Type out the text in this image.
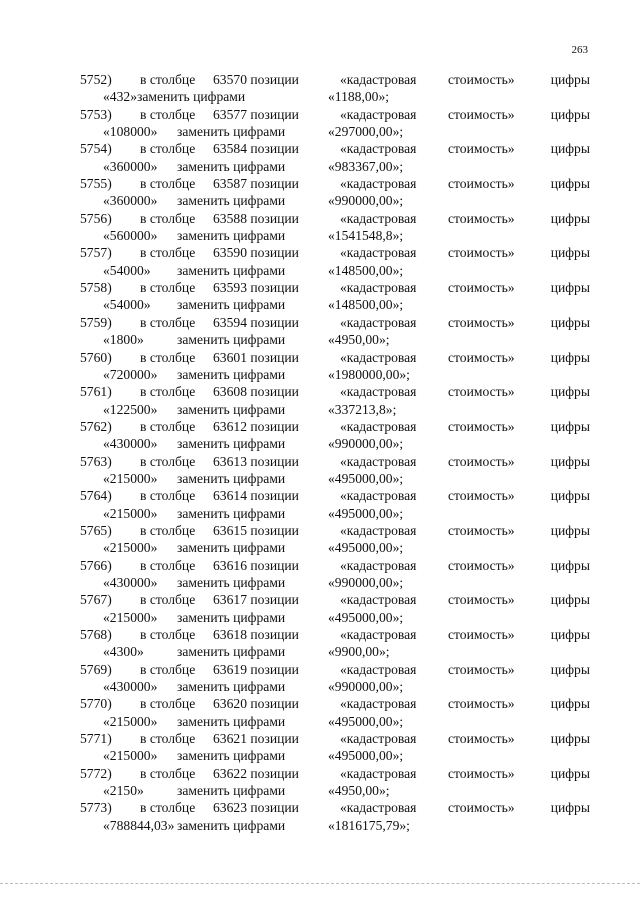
263
5752) в столбце 63570 позиции	«кадастровая стоимость»	цифры
«432»заменить цифрами	«1188,00»;
5753) в столбце 63577 позиции	«кадастровая стоимость»	цифры
«108000» заменить цифрами	«297000,00»;
5754) в столбце 63584 позиции	«кадастровая стоимость»	цифры
«360000» заменить цифрами	«983367,00»;
5755) в столбце 63587 позиции	«кадастровая стоимость»	цифры
«360000» заменить цифрами	«990000,00»;
5756) в столбце 63588 позиции	«кадастровая стоимость»	цифры
«560000» заменить цифрами	«1541548,8»;
5757) в столбце 63590 позиции	«кадастровая стоимость»	цифры
«54000» заменить цифрами	«148500,00»;
5758) в столбце 63593 позиции	«кадастровая стоимость»	цифры
«54000» заменить цифрами	«148500,00»;
5759) в столбце 63594 позиции	«кадастровая стоимость»	цифры
«1800» заменить цифрами	«4950,00»;
5760) в столбце 63601 позиции	«кадастровая стоимость»	цифры
«720000» заменить цифрами	«1980000,00»;
5761) в столбце 63608 позиции	«кадастровая стоимость»	цифры
«122500» заменить цифрами	«337213,8»;
5762) в столбце 63612 позиции	«кадастровая стоимость»	цифры
«430000» заменить цифрами	«990000,00»;
5763) в столбце 63613 позиции	«кадастровая стоимость»	цифры
«215000» заменить цифрами	«495000,00»;
5764) в столбце 63614 позиции	«кадастровая стоимость»	цифры
«215000» заменить цифрами	«495000,00»;
5765) в столбце 63615 позиции	«кадастровая стоимость»	цифры
«215000» заменить цифрами	«495000,00»;
5766) в столбце 63616 позиции	«кадастровая стоимость»	цифры
«430000» заменить цифрами	«990000,00»;
5767) в столбце 63617 позиции	«кадастровая стоимость»	цифры
«215000» заменить цифрами	«495000,00»;
5768) в столбце 63618 позиции	«кадастровая стоимость»	цифры
«4300» заменить цифрами	«9900,00»;
5769) в столбце 63619 позиции	«кадастровая стоимость»	цифры
«430000» заменить цифрами	«990000,00»;
5770) в столбце 63620 позиции	«кадастровая стоимость»	цифры
«215000» заменить цифрами	«495000,00»;
5771) в столбце 63621 позиции	«кадастровая стоимость»	цифры
«215000» заменить цифрами	«495000,00»;
5772) в столбце 63622 позиции	«кадастровая стоимость»	цифры
«2150» заменить цифрами	«4950,00»;
5773) в столбце 63623 позиции	«кадастровая стоимость»	цифры
«788844,03» заменить цифрами	«1816175,79»;
